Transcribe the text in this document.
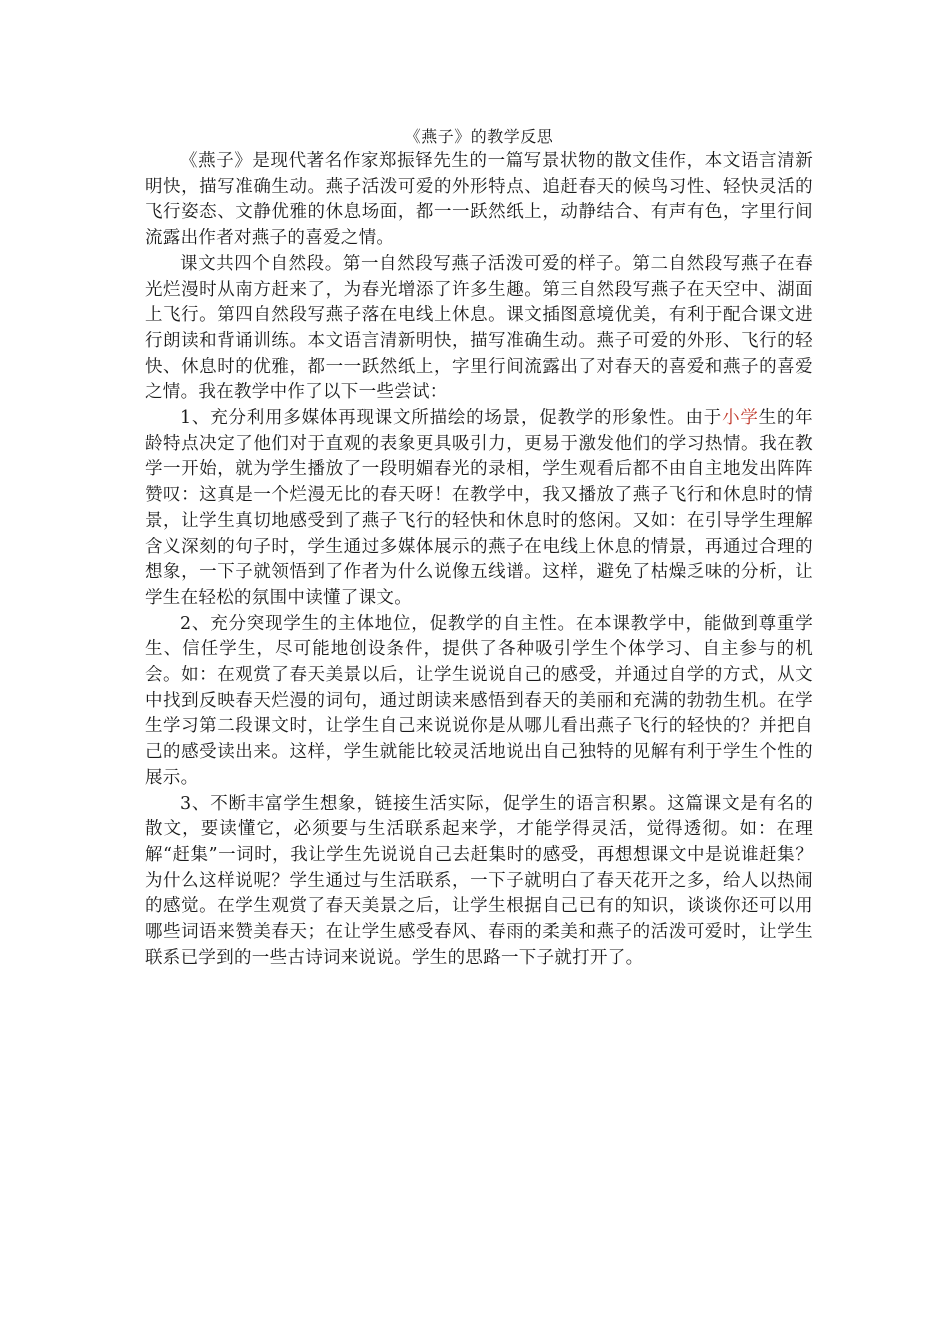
《燕子》的教学反思

《燕子》是现代著名作家郑振铎先生的一篇写景状物的散文佳作，本文语言清新明快，描写准确生动。燕子活泼可爱的外形特点、追赶春天的候鸟习性、轻快灵活的飞行姿态、文静优雅的休息场面，都一一跃然纸上，动静结合、有声有色，字里行间流露出作者对燕子的喜爱之情。

课文共四个自然段。第一自然段写燕子活泼可爱的样子。第二自然段写燕子在春光烂漫时从南方赶来了，为春光增添了许多生趣。第三自然段写燕子在天空中、湖面上飞行。第四自然段写燕子落在电线上休息。课文插图意境优美，有利于配合课文进行朗读和背诵训练。本文语言清新明快，描写准确生动。燕子可爱的外形、飞行的轻快、休息时的优雅，都一一跃然纸上，字里行间流露出了对春天的喜爱和燕子的喜爱之情。我在教学中作了以下一些尝试：

1、充分利用多媒体再现课文所描绘的场景，促教学的形象性。由于小学生的年龄特点决定了他们对于直观的表象更具吸引力，更易于激发他们的学习热情。我在教学一开始，就为学生播放了一段明媚春光的录相，学生观看后都不由自主地发出阵阵赞叹：这真是一个烂漫无比的春天呀！在教学中，我又播放了燕子飞行和休息时的情景，让学生真切地感受到了燕子飞行的轻快和休息时的悠闲。又如：在引导学生理解含义深刻的句子时，学生通过多媒体展示的燕子在电线上休息的情景，再通过合理的想象，一下子就领悟到了作者为什么说像五线谱。这样，避免了枯燥乏味的分析，让学生在轻松的氛围中读懂了课文。

2、充分突现学生的主体地位，促教学的自主性。在本课教学中，能做到尊重学生、信任学生，尽可能地创设条件，提供了各种吸引学生个体学习、自主参与的机会。如：在观赏了春天美景以后，让学生说说自己的感受，并通过自学的方式，从文中找到反映春天烂漫的词句，通过朗读来感悟到春天的美丽和充满的勃勃生机。在学生学习第二段课文时，让学生自己来说说你是从哪儿看出燕子飞行的轻快的？并把自己的感受读出来。这样，学生就能比较灵活地说出自己独特的见解有利于学生个性的展示。

3、不断丰富学生想象，链接生活实际，促学生的语言积累。这篇课文是有名的散文，要读懂它，必须要与生活联系起来学，才能学得灵活，觉得透彻。如：在理解“赶集”一词时，我让学生先说说自己去赶集时的感受，再想想课文中是说谁赶集？为什么这样说呢？学生通过与生活联系，一下子就明白了春天花开之多，给人以热闹的感觉。在学生观赏了春天美景之后，让学生根据自己已有的知识，谈谈你还可以用哪些词语来赞美春天；在让学生感受春风、春雨的柔美和燕子的活泼可爱时，让学生联系已学到的一些古诗词来说说。学生的思路一下子就打开了。
